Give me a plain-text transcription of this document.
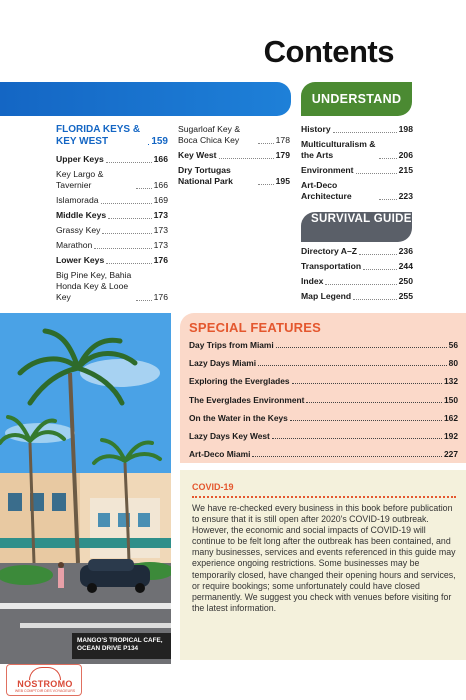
Contents
UNDERSTAND
FLORIDA KEYS & KEY WEST	159
Upper Keys	166
Key Largo & Tavernier	166
Islamorada	169
Middle Keys	173
Grassy Key	173
Marathon	173
Lower Keys	176
Big Pine Key, Bahia Honda Key & Looe Key	176
Sugarloaf Key & Boca Chica Key	178
Key West	179
Dry Tortugas National Park	195
History	198
Multiculturalism & the Arts	206
Environment	215
Art-Deco Architecture	223
SURVIVAL GUIDE
Directory A–Z	236
Transportation	244
Index	250
Map Legend	255
MANGO'S TROPICAL CAFE, OCEAN DRIVE P134
SPECIAL FEATURES
Day Trips from Miami	56
Lazy Days Miami	80
Exploring the Everglades	132
The Everglades Environment	150
On the Water in the Keys	162
Lazy Days Key West	192
Art-Deco Miami	227
COVID-19

We have re-checked every business in this book before publication to ensure that it is still open after 2020's COVID-19 outbreak. However, the economic and social impacts of COVID-19 will continue to be felt long after the outbreak has been contained, and many businesses, services and events referenced in this guide may experience ongoing restrictions. Some businesses may be temporarily closed, have changed their opening hours and services, or require bookings; some unfortunately could have closed permanently. We suggest you check with venues before visiting for the latest information.

NOSTROMO
WEB COMPTOIR DES VOYAGEURS
